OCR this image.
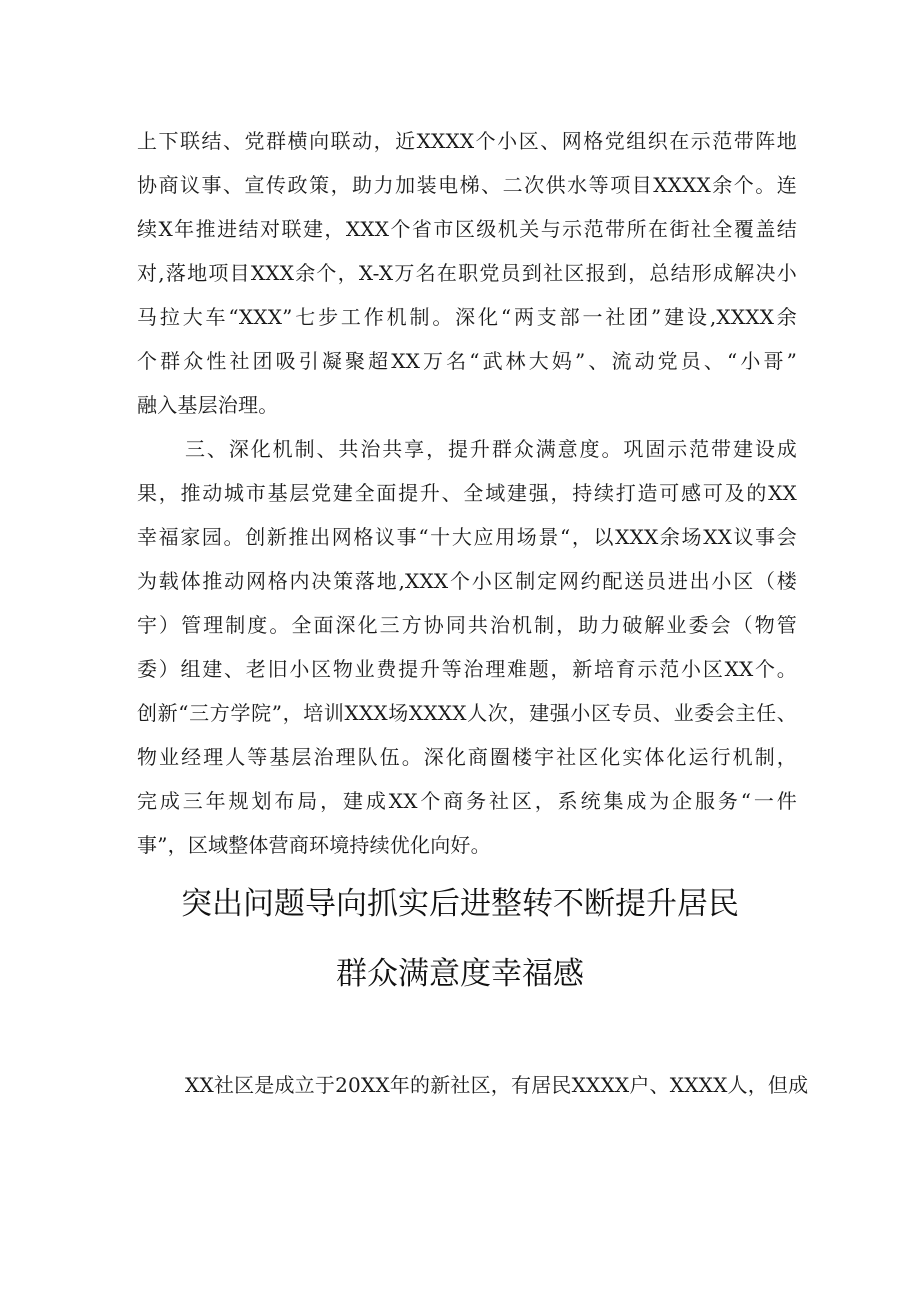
上下联结、党群横向联动，近XXXX个小区、网格党组织在示范带阵地
协商议事、宣传政策，助力加装电梯、二次供水等项目XXXX余个。连
续X年推进结对联建，XXX个省市区级机关与示范带所在街社全覆盖结
对,落地项目XXX余个，X-X万名在职党员到社区报到，总结形成解决小
马拉大车“XXX”七步工作机制。深化“两支部一社团”建设,XXXX余
个群众性社团吸引凝聚超XX万名“武林大妈”、流动党员、“小哥”
融入基层治理。
三、深化机制、共治共享，提升群众满意度。巩固示范带建设成
果，推动城市基层党建全面提升、全域建强，持续打造可感可及的XX
幸福家园。创新推出网格议事“十大应用场景“，以XXX余场XX议事会
为载体推动网格内决策落地,XXX个小区制定网约配送员进出小区（楼
宇）管理制度。全面深化三方协同共治机制，助力破解业委会（物管
委）组建、老旧小区物业费提升等治理难题，新培育示范小区XX个。
创新“三方学院”，培训XXX场XXXX人次，建强小区专员、业委会主任、
物业经理人等基层治理队伍。深化商圈楼宇社区化实体化运行机制，
完成三年规划布局，建成XX个商务社区，系统集成为企服务“一件
事”，区域整体营商环境持续优化向好。
突出问题导向抓实后进整转不断提升居民
群众满意度幸福感
XX社区是成立于20XX年的新社区，有居民XXXX户、XXXX人，但成
